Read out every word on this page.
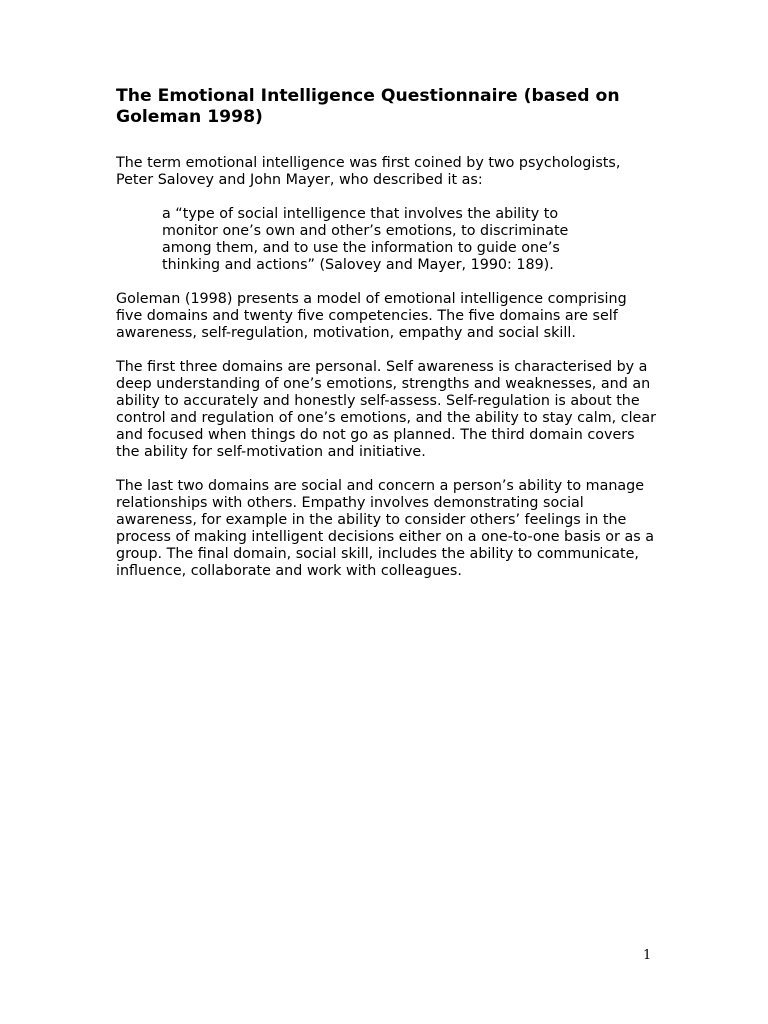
The Emotional Intelligence Questionnaire (based on Goleman 1998)
The term emotional intelligence was first coined by two psychologists, Peter Salovey and John Mayer, who described it as:
a “type of social intelligence that involves the ability to monitor one’s own and other’s emotions, to discriminate among them, and to use the information to guide one’s thinking and actions” (Salovey and Mayer, 1990: 189).
Goleman (1998) presents a model of emotional intelligence comprising five domains and twenty five competencies. The five domains are self awareness, self-regulation, motivation, empathy and social skill.
The first three domains are personal. Self awareness is characterised by a deep understanding of one’s emotions, strengths and weaknesses, and an ability to accurately and honestly self-assess. Self-regulation is about the control and regulation of one’s emotions, and the ability to stay calm, clear and focused when things do not go as planned. The third domain covers the ability for self-motivation and initiative.
The last two domains are social and concern a person’s ability to manage relationships with others. Empathy involves demonstrating social awareness, for example in the ability to consider others’ feelings in the process of making intelligent decisions either on a one-to-one basis or as a group. The final domain, social skill, includes the ability to communicate, influence, collaborate and work with colleagues.
1
